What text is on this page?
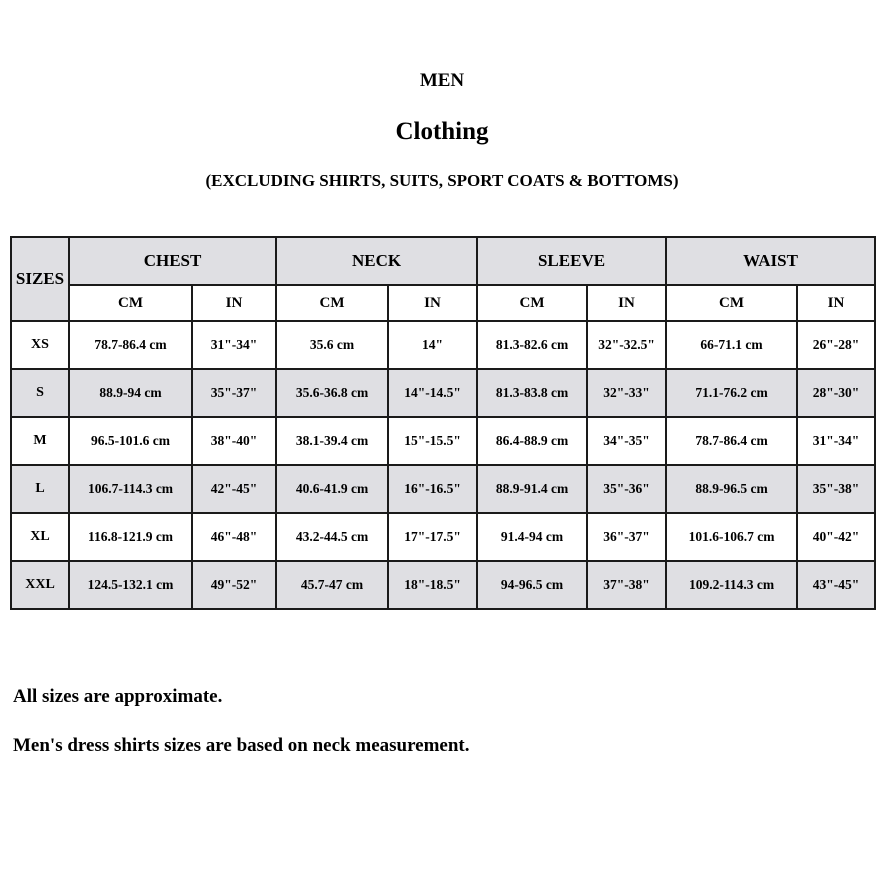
MEN

Clothing

(EXCLUDING SHIRTS, SUITS, SPORT COATS & BOTTOMS)

SIZES	CHEST		NECK		SLEEVE		WAIST	
	CM	IN	CM	IN	CM	IN	CM	IN
XS	78.7-86.4 cm	31"-34"	35.6 cm	14"	81.3-82.6 cm	32"-32.5"	66-71.1 cm	26"-28"
S	88.9-94 cm	35"-37"	35.6-36.8 cm	14"-14.5"	81.3-83.8 cm	32"-33"	71.1-76.2 cm	28"-30"
M	96.5-101.6 cm	38"-40"	38.1-39.4 cm	15"-15.5"	86.4-88.9 cm	34"-35"	78.7-86.4 cm	31"-34"
L	106.7-114.3 cm	42"-45"	40.6-41.9 cm	16"-16.5"	88.9-91.4 cm	35"-36"	88.9-96.5 cm	35"-38"
XL	116.8-121.9 cm	46"-48"	43.2-44.5 cm	17"-17.5"	91.4-94 cm	36"-37"	101.6-106.7 cm	40"-42"
XXL	124.5-132.1 cm	49"-52"	45.7-47 cm	18"-18.5"	94-96.5 cm	37"-38"	109.2-114.3 cm	43"-45"

All sizes are approximate.

Men's dress shirts sizes are based on neck measurement.
